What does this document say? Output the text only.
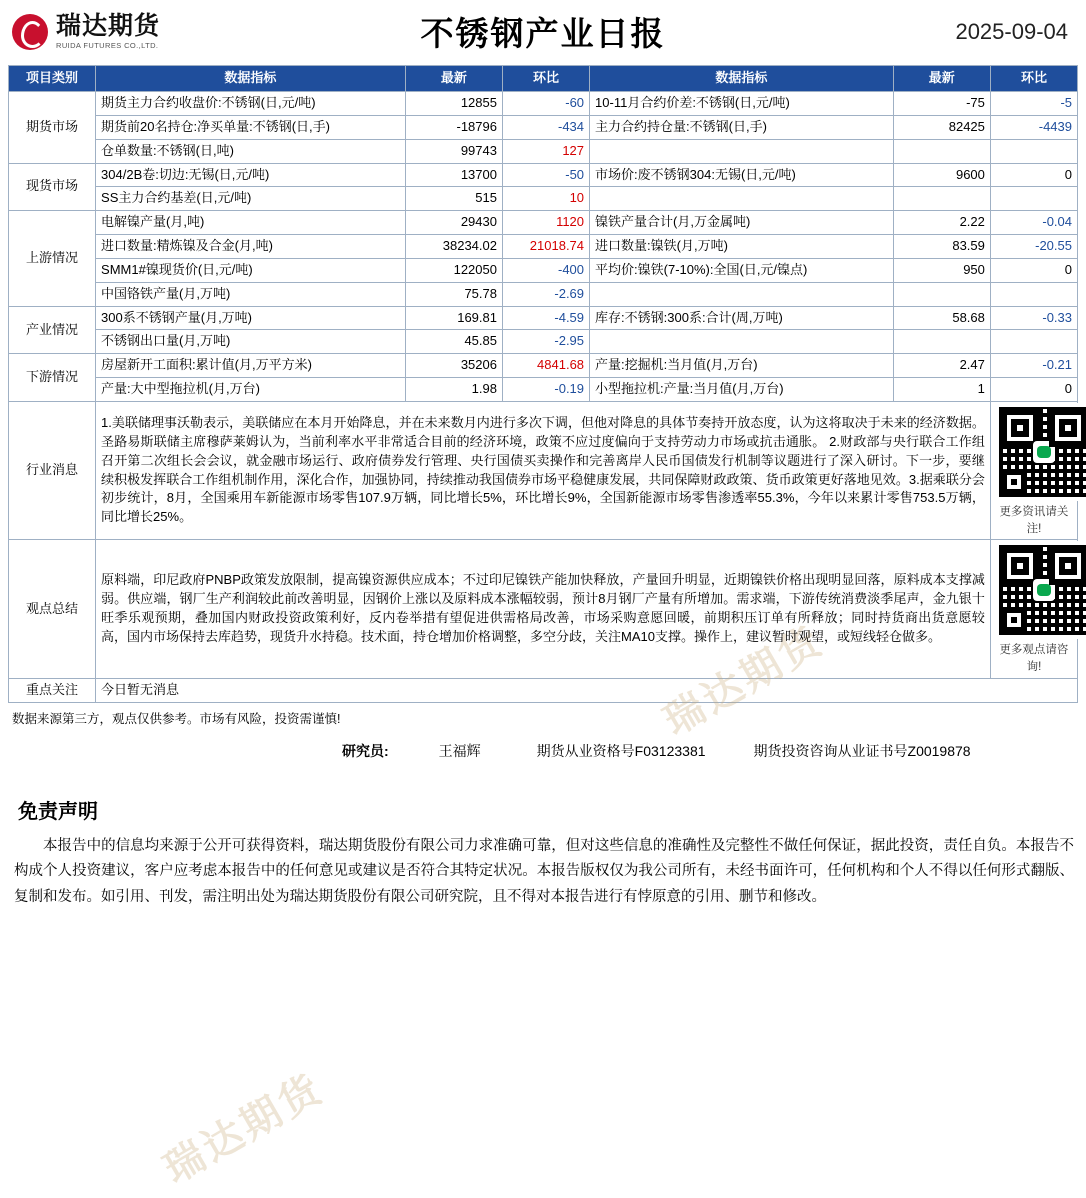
瑞达期货
RUIDA FUTURES CO.,LTD.	不锈钢产业日报	2025-09-04
项目类别	数据指标	最新	环比	数据指标	最新	环比
期货市场	期货主力合约收盘价:不锈钢(日,元/吨)	12855	-60	10-11月合约价差:不锈钢(日,元/吨)	-75	-5
	期货前20名持仓:净买单量:不锈钢(日,手)	-18796	-434	主力合约持仓量:不锈钢(日,手)	82425	-4439
	仓单数量:不锈钢(日,吨)	99743	127			
现货市场	304/2B卷:切边:无锡(日,元/吨)	13700	-50	市场价:废不锈钢304:无锡(日,元/吨)	9600	0
	SS主力合约基差(日,元/吨)	515	10			
上游情况	电解镍产量(月,吨)	29430	1120	镍铁产量合计(月,万金属吨)	2.22	-0.04
	进口数量:精炼镍及合金(月,吨)	38234.02	21018.74	进口数量:镍铁(月,万吨)	83.59	-20.55
	SMM1#镍现货价(日,元/吨)	122050	-400	平均价:镍铁(7-10%):全国(日,元/镍点)	950	0
	中国铬铁产量(月,万吨)	75.78	-2.69			
产业情况	300系不锈钢产量(月,万吨)	169.81	-4.59	库存:不锈钢:300系:合计(周,万吨)	58.68	-0.33
	不锈钢出口量(月,万吨)	45.85	-2.95			
下游情况	房屋新开工面积:累计值(月,万平方米)	35206	4841.68	产量:挖掘机:当月值(月,万台)	2.47	-0.21
	产量:大中型拖拉机(月,万台)	1.98	-0.19	小型拖拉机:产量:当月值(月,万台)	1	0
行业消息	瑞达期货
1.美联储理事沃勒表示，美联储应在本月开始降息，并在未来数月内进行多次下调，但他对降息的具体节奏持开放态度，认为这将取决于未来的经济数据。圣路易斯联储主席穆萨莱姆认为，当前利率水平非常适合目前的经济环境，政策不应过度偏向于支持劳动力市场或抗击通胀。 2.财政部与央行联合工作组召开第二次组长会会议，就金融市场运行、政府债券发行管理、央行国债买卖操作和完善离岸人民币国债发行机制等议题进行了深入研讨。下一步，要继续积极发挥联合工作组机制作用，深化合作，加强协同，持续推动我国债券市场平稳健康发展，共同保障财政政策、货币政策更好落地见效。3.据乘联分会初步统计，8月，全国乘用车新能源市场零售107.9万辆，同比增长5%，环比增长9%，全国新能源市场零售渗透率55.3%，今年以来累计零售753.5万辆，同比增长25%。					更多资讯请关注!

观点总结	瑞达期货
原料端，印尼政府PNBP政策发放限制，提高镍资源供应成本；不过印尼镍铁产能加快释放，产量回升明显，近期镍铁价格出现明显回落，原料成本支撑减弱。供应端，钢厂生产利润较此前改善明显，因钢价上涨以及原料成本涨幅较弱，预计8月钢厂产量有所增加。需求端，下游传统消费淡季尾声，金九银十旺季乐观预期，叠加国内财政投资政策利好，反内卷举措有望促进供需格局改善，市场采购意愿回暖，前期积压订单有所释放；同时持货商出货意愿较高，国内市场保持去库趋势，现货升水持稳。技术面，持仓增加价格调整，多空分歧，关注MA10支撑。操作上，建议暂时观望，或短线轻仓做多。					更多观点请咨询!

重点关注	今日暂无消息					
数据来源第三方，观点仅供参考。市场有风险，投资需谨慎!
研究员:	王福辉	期货从业资格号F03123381	期货投资咨询从业证书号Z0019878
免责声明
本报告中的信息均来源于公开可获得资料，瑞达期货股份有限公司力求准确可靠，但对这些信息的准确性及完整性不做任何保证，据此投资，责任自负。本报告不构成个人投资建议，客户应考虑本报告中的任何意见或建议是否符合其特定状况。本报告版权仅为我公司所有，未经书面许可，任何机构和个人不得以任何形式翻版、复制和发布。如引用、刊发，需注明出处为瑞达期货股份有限公司研究院，且不得对本报告进行有悖原意的引用、删节和修改。
